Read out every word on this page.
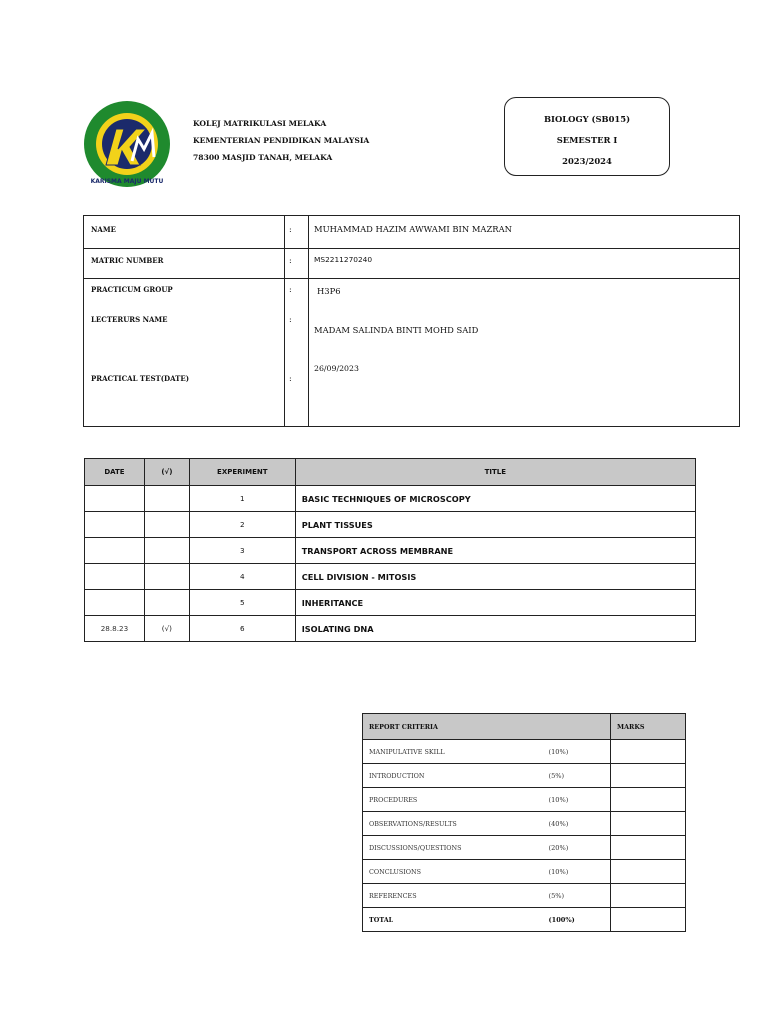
KARISMA MAJU MUTU
KOLEJ MATRIKULASI MELAKA
KEMENTERIAN PENDIDIKAN MALAYSIA
78300 MASJID TANAH, MELAKA
BIOLOGY (SB015)
SEMESTER I
2023/2024
NAME	:	MUHAMMAD HAZIM AWWAMI BIN MAZRAN
MATRIC NUMBER	:	MS2211270240
PRACTICUM GROUP	:	H3P6
LECTERURS NAME	:
MADAM SALINDA BINTI MOHD SAID
PRACTICAL TEST(DATE)	:
26/09/2023
DATE	(√)	EXPERIMENT	TITLE
		1	BASIC TECHNIQUES OF MICROSCOPY
		2	PLANT TISSUES
		3	TRANSPORT ACROSS MEMBRANE
		4	CELL DIVISION - MITOSIS
		5	INHERITANCE
28.8.23	(√)	6	ISOLATING DNA
REPORT CRITERIA		MARKS
MANIPULATIVE SKILL	(10%)	
INTRODUCTION	(5%)	
PROCEDURES	(10%)	
OBSERVATIONS/RESULTS	(40%)	
DISCUSSIONS/QUESTIONS	(20%)	
CONCLUSIONS	(10%)	
REFERENCES	(5%)	
TOTAL	(100%)	
